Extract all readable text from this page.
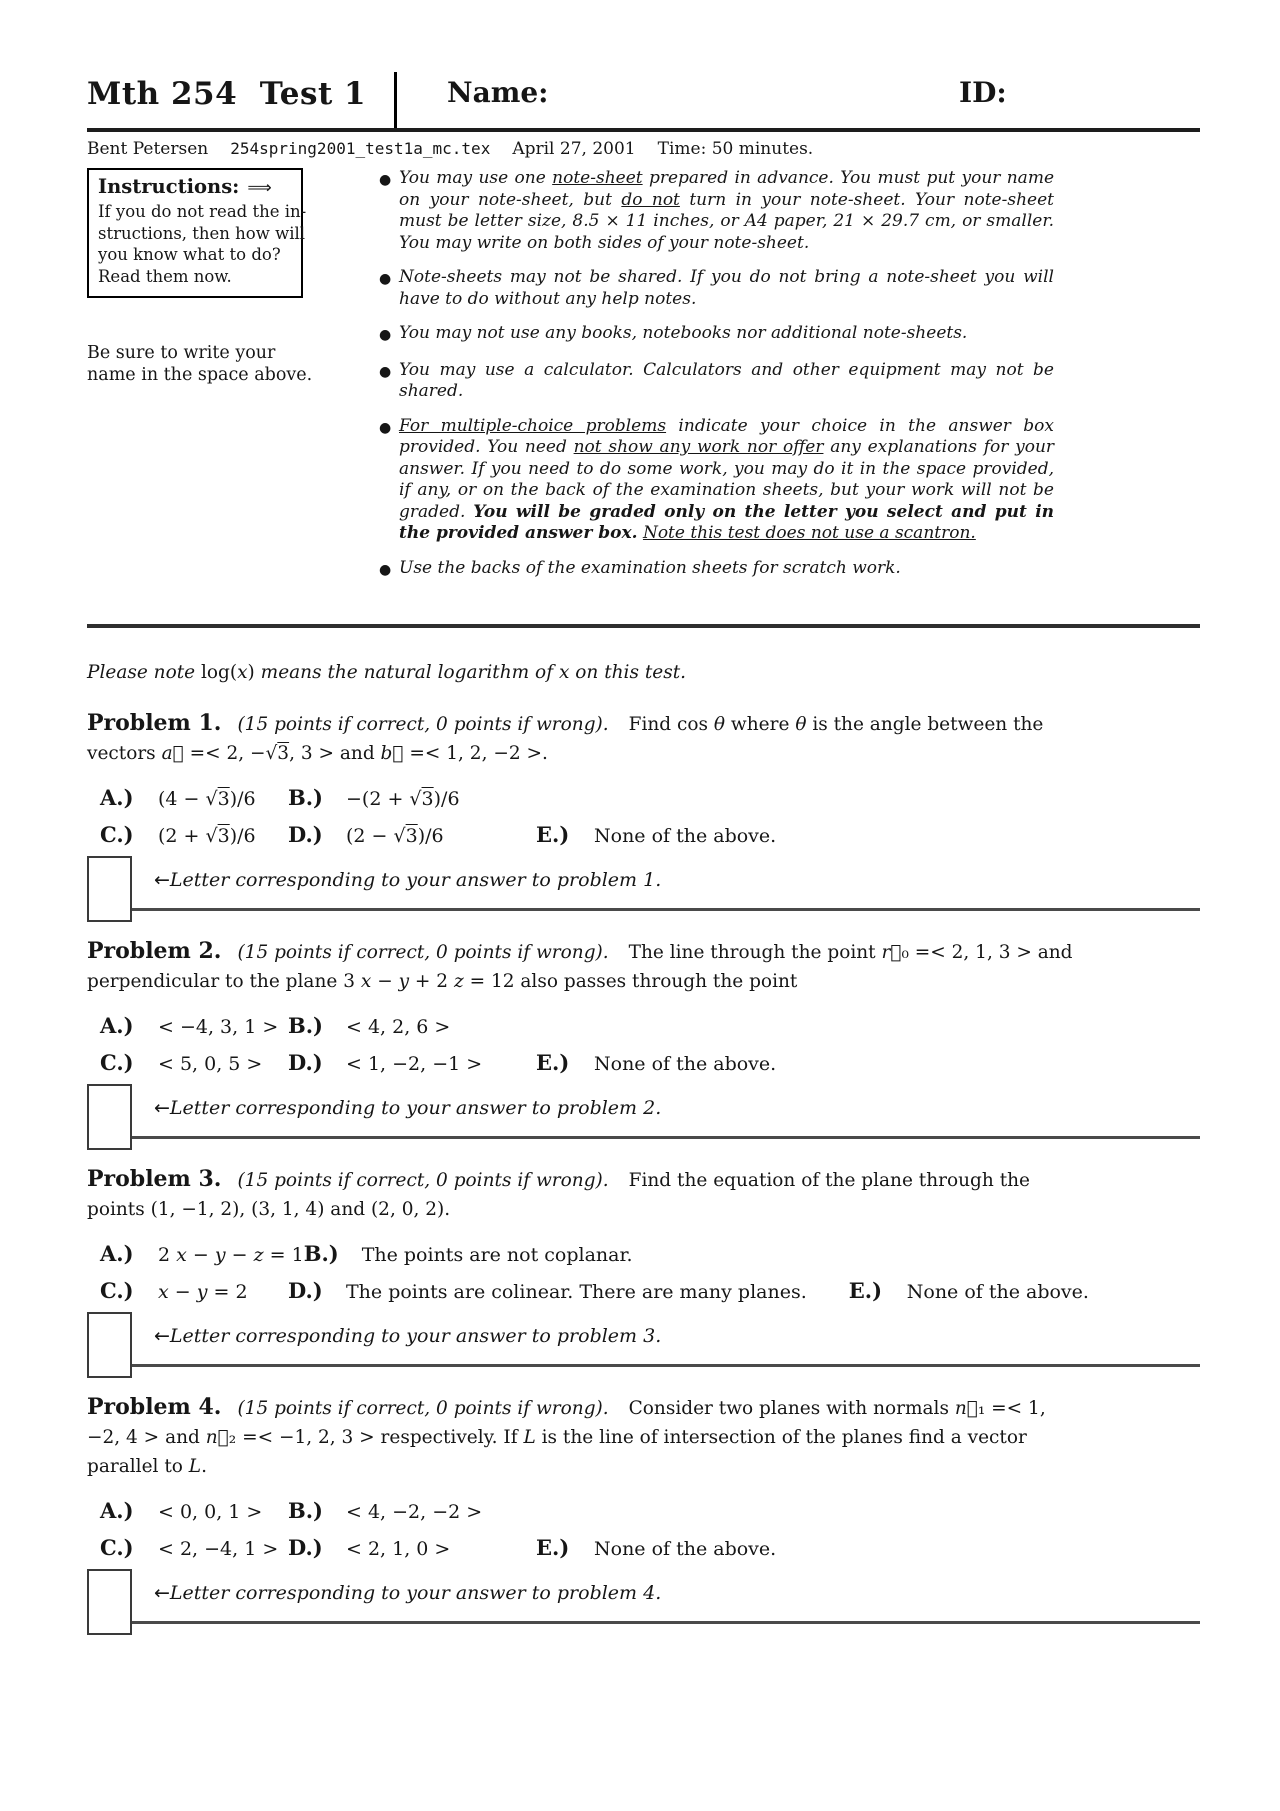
Mth 254  Test 1	Name:	ID:
Bent Petersen 254spring2001_test1a_mc.tex April 27, 2001 Time: 50 minutes.
Instructions: ⟹
If you do not read the in-
structions, then how will
you know what to do?
Read them now.
Be sure to write your
name in the space above.
● You may use one note-sheet prepared in advance. You must put your name on your note-sheet, but do not turn in your note-sheet. Your note-sheet must be letter size, 8.5 × 11 inches, or A4 paper, 21 × 29.7 cm, or smaller. You may write on both sides of your note-sheet.
● Note-sheets may not be shared. If you do not bring a note-sheet you will have to do without any help notes.
● You may not use any books, notebooks nor additional note-sheets.
● You may use a calculator. Calculators and other equipment may not be shared.
● For multiple-choice problems indicate your choice in the answer box provided. You need not show any work nor offer any explanations for your answer. If you need to do some work, you may do it in the space provided, if any, or on the back of the examination sheets, but your work will not be graded. You will be graded only on the letter you select and put in the provided answer box. Note this test does not use a scantron.
● Use the backs of the examination sheets for scratch work.

Please note log(x) means the natural logarithm of x on this test.

Problem 1. (15 points if correct, 0 points if wrong). Find cos θ where θ is the angle between the vectors a⃗ =< 2, −√3, 3 > and b⃗ =< 1, 2, −2 >.

A.)	(4 − √3)/6 B.)	−(2 + √3)/6
C.)	(2 + √3)/6 D.)	(2 − √3)/6	E.)	None of the above.

←Letter corresponding to your answer to problem 1.

Problem 2. (15 points if correct, 0 points if wrong). The line through the point r⃗₀ =< 2, 1, 3 > and perpendicular to the plane 3 x − y + 2 z = 12 also passes through the point

A.)	< −4, 3, 1 > B.)	< 4, 2, 6 >
C.)	< 5, 0, 5 > D.)	< 1, −2, −1 >	E.)	None of the above.

←Letter corresponding to your answer to problem 2.

Problem 3. (15 points if correct, 0 points if wrong). Find the equation of the plane through the points (1, −1, 2), (3, 1, 4) and (2, 0, 2).

A.)	2 x − y − z = 1 B.)	The points are not coplanar.
C.)	x − y = 2 D.)	The points are colinear. There are many planes. E.)	None of the above.

←Letter corresponding to your answer to problem 3.

Problem 4. (15 points if correct, 0 points if wrong). Consider two planes with normals n⃗₁ =< 1, −2, 4 > and n⃗₂ =< −1, 2, 3 > respectively. If L is the line of intersection of the planes find a vector parallel to L.

A.)	< 0, 0, 1 > B.)	< 4, −2, −2 >
C.)	< 2, −4, 1 > D.)	< 2, 1, 0 >	E.)	None of the above.

←Letter corresponding to your answer to problem 4.
